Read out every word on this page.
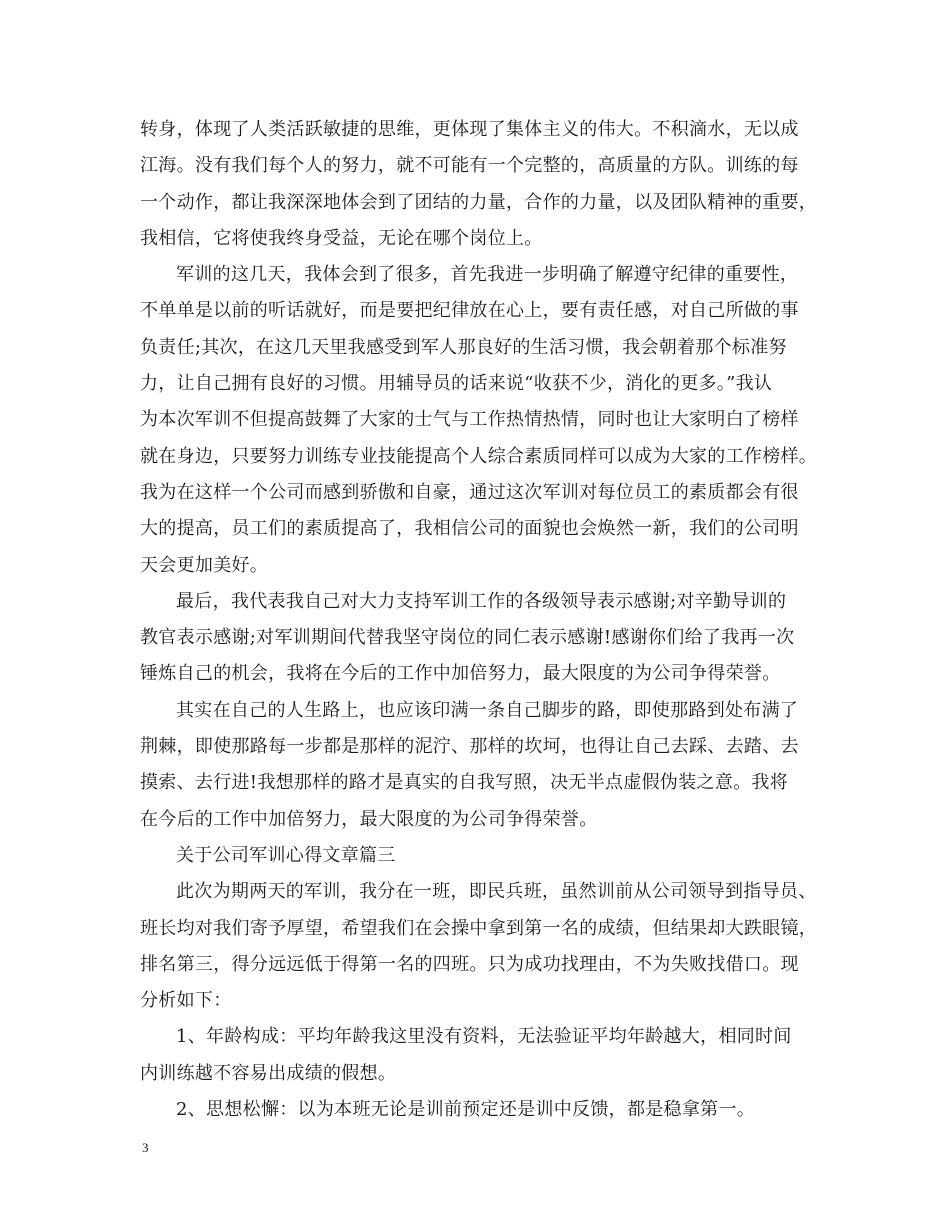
转身，体现了人类活跃敏捷的思维，更体现了集体主义的伟大。不积滴水，无以成
江海。没有我们每个人的努力，就不可能有一个完整的，高质量的方队。训练的每
一个动作，都让我深深地体会到了团结的力量，合作的力量，以及团队精神的重要，
我相信，它将使我终身受益，无论在哪个岗位上。
军训的这几天，我体会到了很多，首先我进一步明确了解遵守纪律的重要性，
不单单是以前的听话就好，而是要把纪律放在心上，要有责任感，对自己所做的事
负责任;其次，在这几天里我感受到军人那良好的生活习惯，我会朝着那个标准努
力，让自己拥有良好的习惯。用辅导员的话来说“收获不少，消化的更多。”我认
为本次军训不但提高鼓舞了大家的士气与工作热情热情，同时也让大家明白了榜样
就在身边，只要努力训练专业技能提高个人综合素质同样可以成为大家的工作榜样。
我为在这样一个公司而感到骄傲和自豪，通过这次军训对每位员工的素质都会有很
大的提高，员工们的素质提高了，我相信公司的面貌也会焕然一新，我们的公司明
天会更加美好。
最后，我代表我自己对大力支持军训工作的各级领导表示感谢;对辛勤导训的
教官表示感谢;对军训期间代替我坚守岗位的同仁表示感谢!感谢你们给了我再一次
锤炼自己的机会，我将在今后的工作中加倍努力，最大限度的为公司争得荣誉。
其实在自己的人生路上，也应该印满一条自己脚步的路，即使那路到处布满了
荆棘，即使那路每一步都是那样的泥泞、那样的坎坷，也得让自己去踩、去踏、去
摸索、去行进!我想那样的路才是真实的自我写照，决无半点虚假伪装之意。我将
在今后的工作中加倍努力，最大限度的为公司争得荣誉。
关于公司军训心得文章篇三
此次为期两天的军训，我分在一班，即民兵班，虽然训前从公司领导到指导员、
班长均对我们寄予厚望，希望我们在会操中拿到第一名的成绩，但结果却大跌眼镜，
排名第三，得分远远低于得第一名的四班。只为成功找理由，不为失败找借口。现
分析如下：
1、年龄构成：平均年龄我这里没有资料，无法验证平均年龄越大，相同时间
内训练越不容易出成绩的假想。
2、思想松懈：以为本班无论是训前预定还是训中反馈，都是稳拿第一。
3
